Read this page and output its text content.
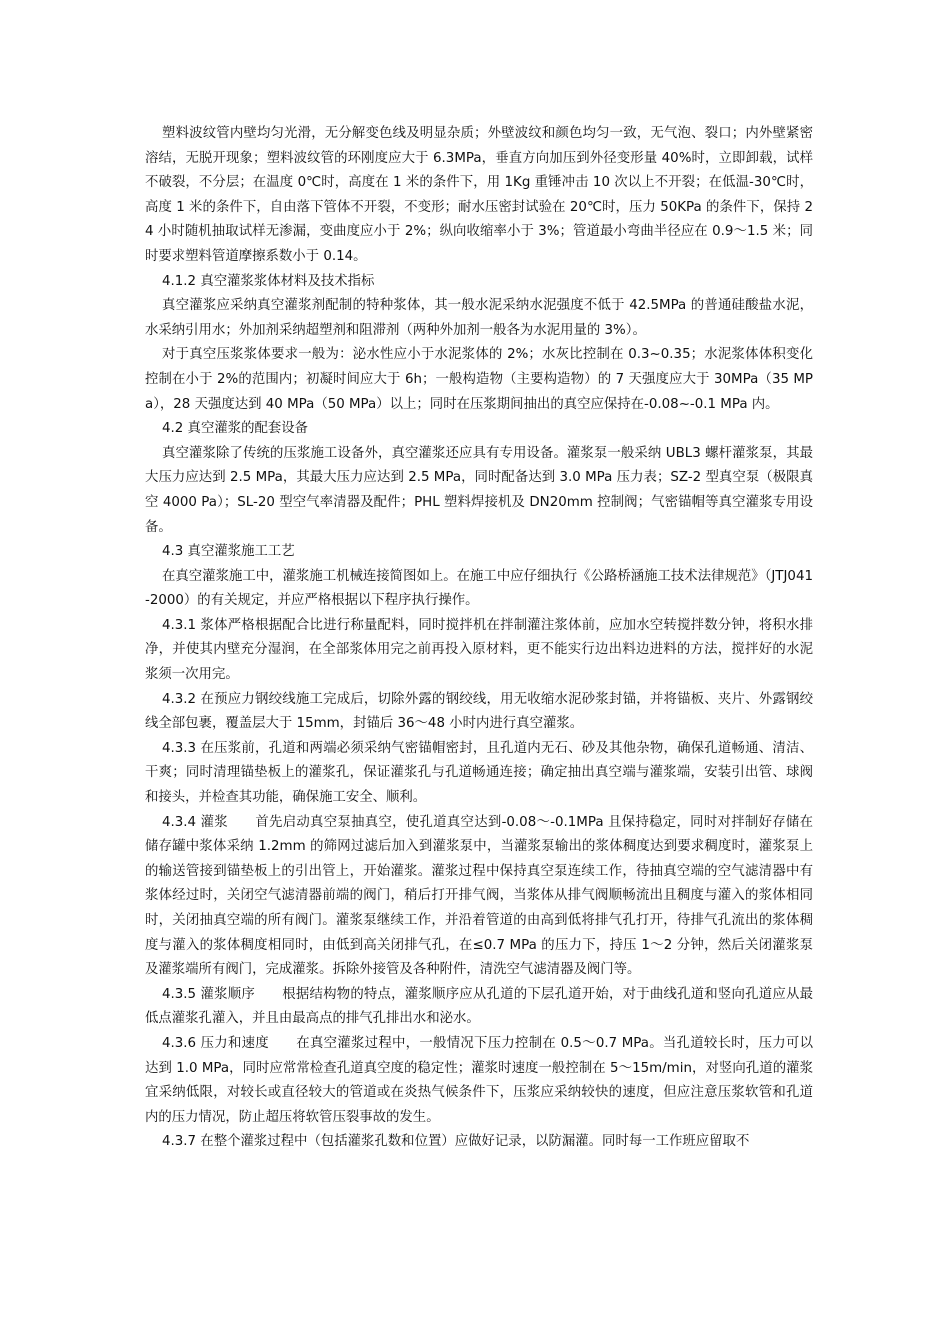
塑料波纹管内壁均匀光滑，无分解变色线及明显杂质；外壁波纹和颜色均匀一致，无气泡、裂口；内外壁紧密溶结，无脱开现象；塑料波纹管的环刚度应大于 6.3MPa，垂直方向加压到外径变形量 40%时，立即卸载，试样不破裂，不分层；在温度 0℃时，高度在 1 米的条件下，用 1Kg 重锤冲击 10 次以上不开裂；在低温-30℃时，高度 1 米的条件下，自由落下管体不开裂，不变形；耐水压密封试验在 20℃时，压力 50KPa 的条件下，保持 24 小时随机抽取试样无渗漏，变曲度应小于 2%；纵向收缩率小于 3%；管道最小弯曲半径应在 0.9～1.5 米；同时要求塑料管道摩擦系数小于 0.14。

4.1.2 真空灌浆浆体材料及技术指标

真空灌浆应采纳真空灌浆剂配制的特种浆体，其一般水泥采纳水泥强度不低于 42.5MPa 的普通硅酸盐水泥，水采纳引用水；外加剂采纳超塑剂和阻滞剂（两种外加剂一般各为水泥用量的 3%）。

对于真空压浆浆体要求一般为：泌水性应小于水泥浆体的 2%；水灰比控制在 0.3~0.35；水泥浆体体积变化控制在小于 2%的范围内；初凝时间应大于 6h；一般构造物（主要构造物）的 7 天强度应大于 30MPa（35 MPa），28 天强度达到 40 MPa（50 MPa）以上；同时在压浆期间抽出的真空应保持在-0.08~-0.1 MPa 内。

4.2 真空灌浆的配套设备

真空灌浆除了传统的压浆施工设备外，真空灌浆还应具有专用设备。灌浆泵一般采纳 UBL3 螺杆灌浆泵，其最大压力应达到 2.5 MPa，其最大压力应达到 2.5 MPa，同时配备达到 3.0 MPa 压力表；SZ-2 型真空泵（极限真空 4000 Pa）；SL-20 型空气率清器及配件；PHL 塑料焊接机及 DN20mm 控制阀；气密锚帽等真空灌浆专用设备。

4.3 真空灌浆施工工艺

在真空灌浆施工中，灌浆施工机械连接简图如上。在施工中应仔细执行《公路桥涵施工技术法律规范》（JTJ041-2000）的有关规定，并应严格根据以下程序执行操作。

4.3.1 浆体严格根据配合比进行称量配料，同时搅拌机在拌制灌注浆体前，应加水空转搅拌数分钟，将积水排净，并使其内壁充分湿润，在全部浆体用完之前再投入原材料，更不能实行边出料边进料的方法，搅拌好的水泥浆须一次用完。

4.3.2 在预应力钢绞线施工完成后，切除外露的钢绞线，用无收缩水泥砂浆封锚，并将锚板、夹片、外露钢绞线全部包裹，覆盖层大于 15mm，封锚后 36～48 小时内进行真空灌浆。

4.3.3 在压浆前，孔道和两端必须采纳气密锚帽密封，且孔道内无石、砂及其他杂物，确保孔道畅通、清洁、干爽；同时清理锚垫板上的灌浆孔，保证灌浆孔与孔道畅通连接；确定抽出真空端与灌浆端，安装引出管、球阀和接头，并检查其功能，确保施工安全、顺利。

4.3.4 灌浆　　首先启动真空泵抽真空，使孔道真空达到-0.08～-0.1MPa 且保持稳定，同时对拌制好存储在储存罐中浆体采纳 1.2mm 的筛网过滤后加入到灌浆泵中，当灌浆泵输出的浆体稠度达到要求稠度时，灌浆泵上的输送管接到锚垫板上的引出管上，开始灌浆。灌浆过程中保持真空泵连续工作，待抽真空端的空气滤清器中有浆体经过时，关闭空气滤清器前端的阀门，稍后打开排气阀，当浆体从排气阀顺畅流出且稠度与灌入的浆体相同时，关闭抽真空端的所有阀门。灌浆泵继续工作，并沿着管道的由高到低将排气孔打开，待排气孔流出的浆体稠度与灌入的浆体稠度相同时，由低到高关闭排气孔，在≤0.7 MPa 的压力下，持压 1～2 分钟，然后关闭灌浆泵及灌浆端所有阀门，完成灌浆。拆除外接管及各种附件，清洗空气滤清器及阀门等。

4.3.5 灌浆顺序　　根据结构物的特点，灌浆顺序应从孔道的下层孔道开始，对于曲线孔道和竖向孔道应从最低点灌浆孔灌入，并且由最高点的排气孔排出水和泌水。

4.3.6 压力和速度　　在真空灌浆过程中，一般情况下压力控制在 0.5～0.7 MPa。当孔道较长时，压力可以达到 1.0 MPa，同时应常常检查孔道真空度的稳定性；灌浆时速度一般控制在 5～15m/min，对竖向孔道的灌浆宜采纳低限，对较长或直径较大的管道或在炎热气候条件下，压浆应采纳较快的速度，但应注意压浆软管和孔道内的压力情况，防止超压将软管压裂事故的发生。

4.3.7 在整个灌浆过程中（包括灌浆孔数和位置）应做好记录，以防漏灌。同时每一工作班应留取不
